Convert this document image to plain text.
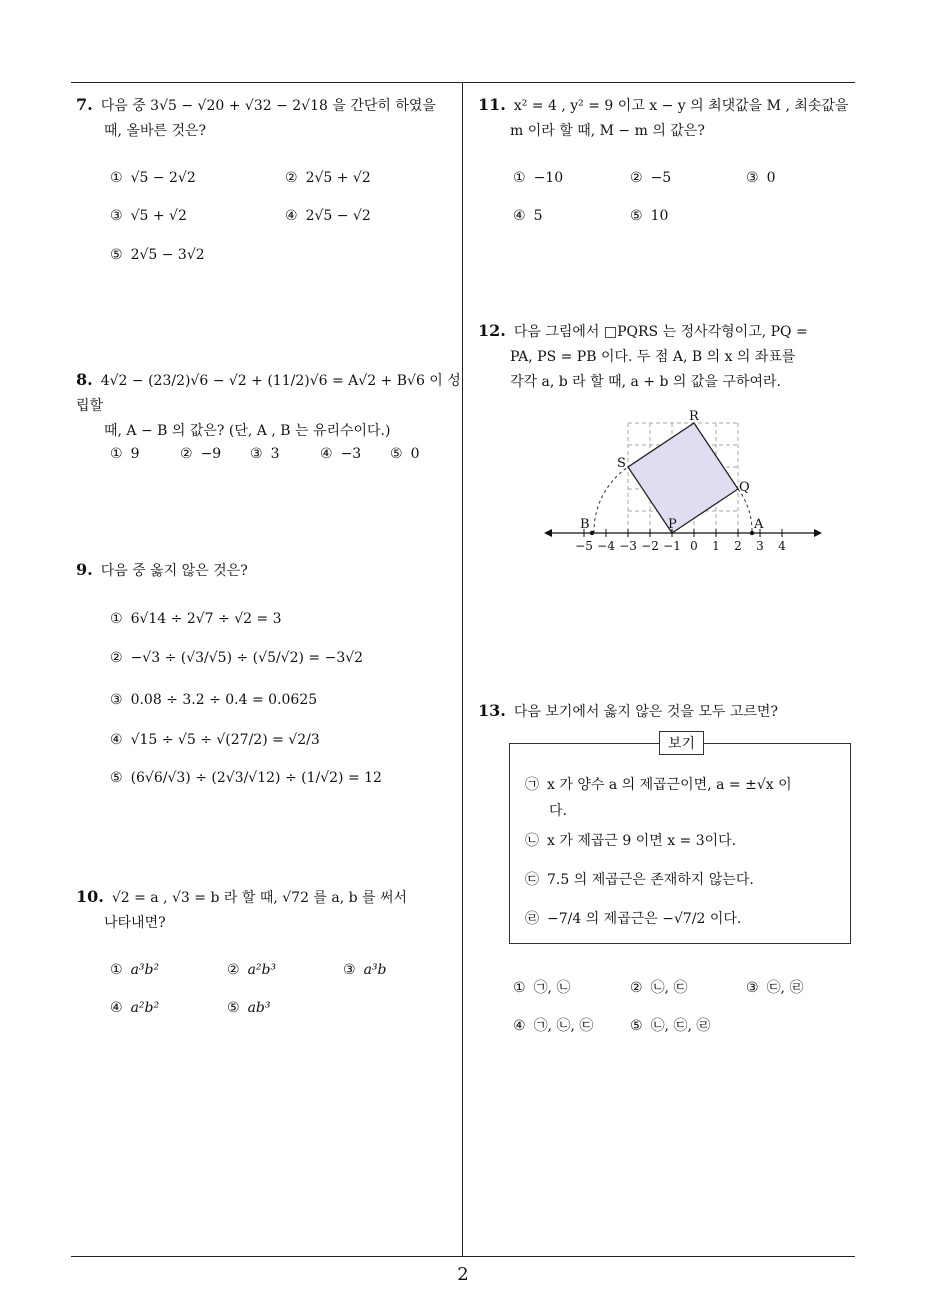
7. 다음 중 3√5 − √20 + √32 − 2√18 을 간단히 하였을
때, 올바른 것은?
① √5 − 2√2	② 2√5 + √2
③ √5 + √2	④ 2√5 − √2
⑤ 2√5 − 3√2
8. 4√2 − (23/2)√6 − √2 + (11/2)√6 = A√2 + B√6 이 성립할
때, A − B 의 값은? (단, A , B 는 유리수이다.)
① 9	② −9 ③ 3	④ −3 ⑤ 0
9. 다음 중 옳지 않은 것은?
① 6√14 ÷ 2√7 ÷ √2 = 3
② −√3 ÷ (√3/√5) ÷ (√5/√2) = −3√2
③ 0.08 ÷ 3.2 ÷ 0.4 = 0.0625
④ √15 ÷ √5 ÷ √(27/2) = √2/3
⑤ (6√6/√3) ÷ (2√3/√12) ÷ (1/√2) = 12
10. √2 = a , √3 = b 라 할 때, √72 를 a, b 를 써서
나타내면?
① a³b²	② a²b³	③ a³b
④ a²b²	⑤ ab³
11. x² = 4 , y² = 9 이고 x − y 의 최댓값을 M , 최솟값을
m 이라 할 때, M − m 의 값은?
① −10	② −5	③ 0
④ 5	⑤ 10
12. 다음 그림에서 □PQRS 는 정사각형이고, PQ =
PA, PS = PB 이다. 두 점 A, B 의 x 의 좌표를
각각 a, b 라 할 때, a + b 의 값을 구하여라.
−5 −4 −3 −2 −1 0 1 2 3 4
R
S
Q
B	P	A
13. 다음 보기에서 옳지 않은 것을 모두 고르면?
보기
㉠ x 가 양수 a 의 제곱근이면, a = ±√x 이
다.
㉡ x 가 제곱근 9 이면 x = 3이다.
㉢ 7.5 의 제곱근은 존재하지 않는다.
㉣ −7/4 의 제곱근은 −√7/2 이다.
① ㉠, ㉡	② ㉡, ㉢	③ ㉢, ㉣
④ ㉠, ㉡, ㉢	⑤ ㉡, ㉢, ㉣
2
